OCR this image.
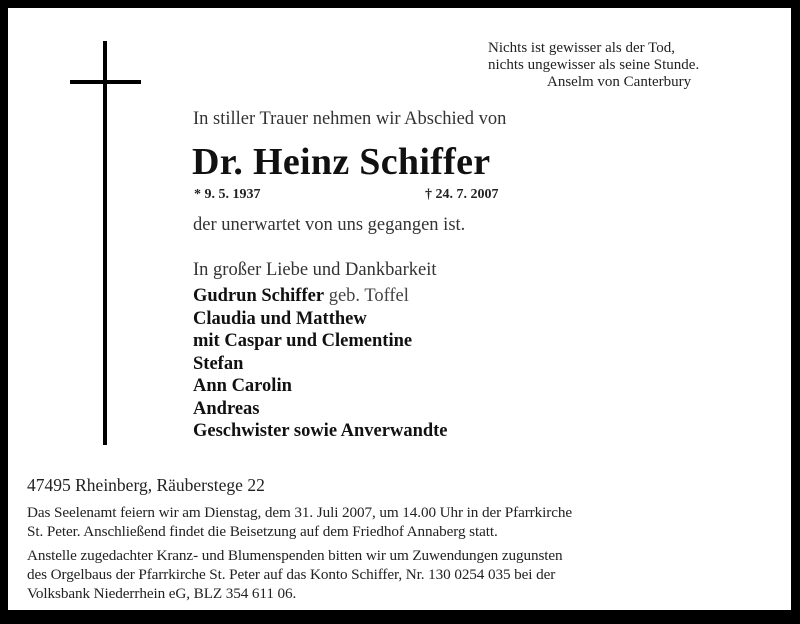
Nichts ist gewisser als der Tod,
nichts ungewisser als seine Stunde.
Anselm von Canterbury
In stiller Trauer nehmen wir Abschied von
Dr. Heinz Schiffer
* 9. 5. 1937	† 24. 7. 2007
der unerwartet von uns gegangen ist.
In großer Liebe und Dankbarkeit
Gudrun Schiffer geb. Toffel
Claudia und Matthew
mit Caspar und Clementine
Stefan
Ann Carolin
Andreas
Geschwister sowie Anverwandte
47495 Rheinberg, Räuberstege 22
Das Seelenamt feiern wir am Dienstag, dem 31. Juli 2007, um 14.00 Uhr in der Pfarrkirche
St. Peter. Anschließend findet die Beisetzung auf dem Friedhof Annaberg statt.
Anstelle zugedachter Kranz- und Blumenspenden bitten wir um Zuwendungen zugunsten
des Orgelbaus der Pfarrkirche St. Peter auf das Konto Schiffer, Nr. 130 0254 035 bei der
Volksbank Niederrhein eG, BLZ 354 611 06.
